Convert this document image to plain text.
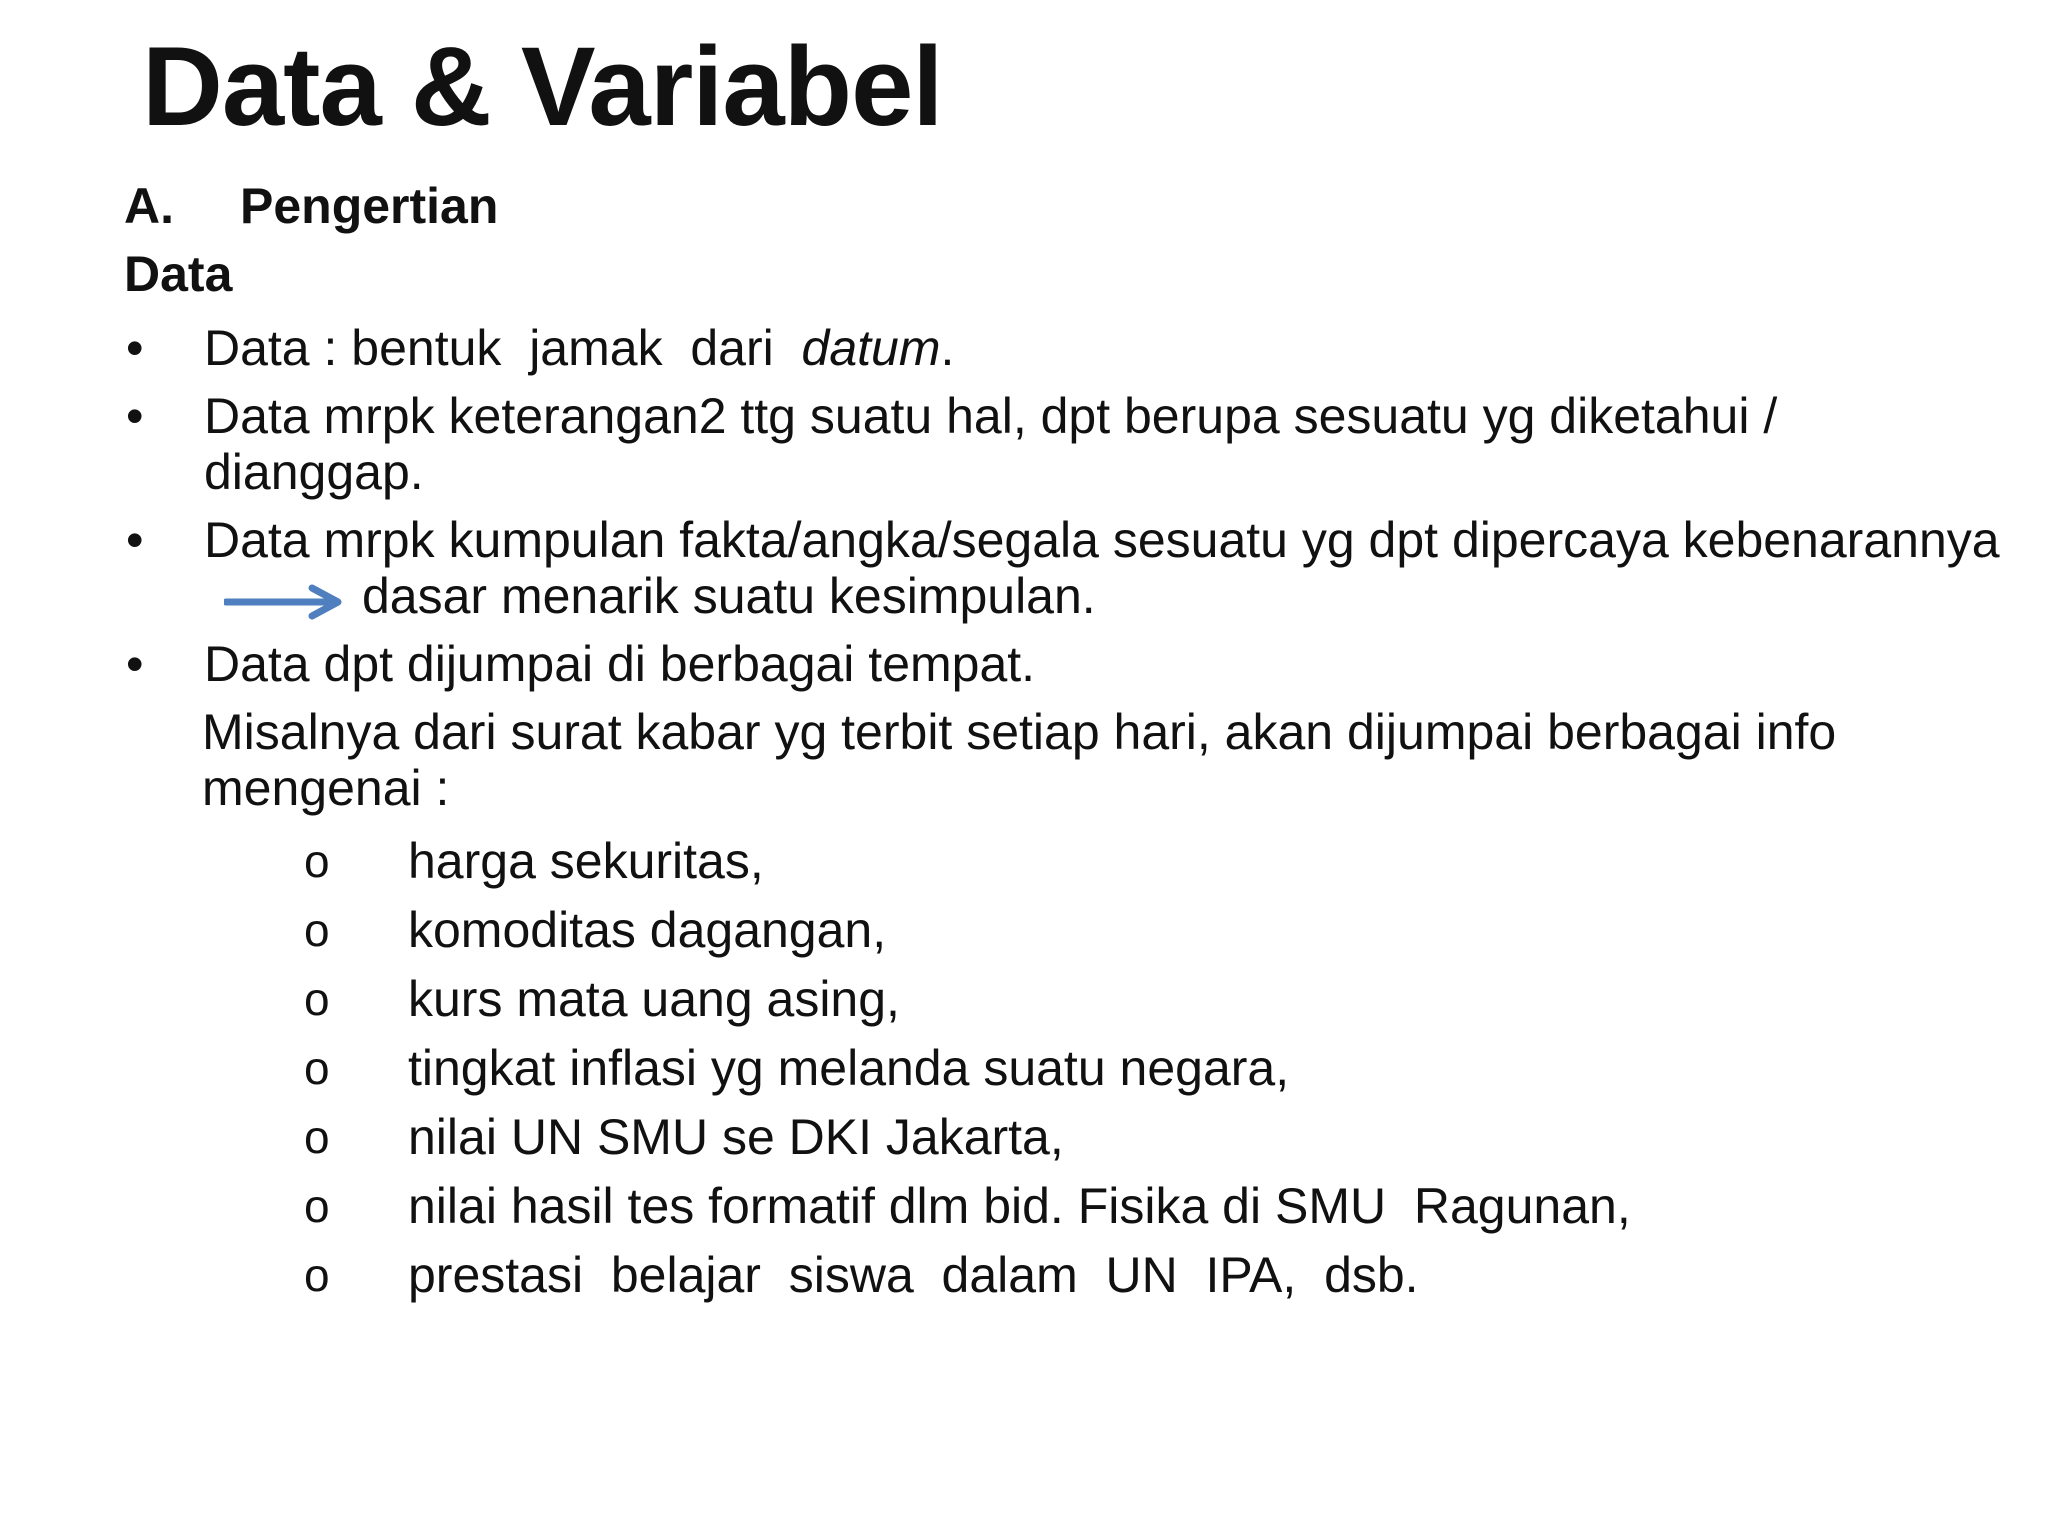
Data & Variabel
A.	Pengertian
Data
•	Data : bentuk  jamak  dari  datum.
•	Data mrpk keterangan2 ttg suatu hal, dpt berupa sesuatu yg diketahui / dianggap.
•	Data mrpk kumpulan fakta/angka/segala sesuatu yg dpt dipercaya kebenarannyadasar menarik suatu kesimpulan.
•	Data dpt dijumpai di berbagai tempat.
Misalnya dari surat kabar yg terbit setiap hari, akan dijumpai berbagai info mengenai :
o	harga sekuritas,
o	komoditas dagangan,
o	kurs mata uang asing,
o	tingkat inflasi yg melanda suatu negara,
o	nilai UN SMU se DKI Jakarta,
o	nilai hasil tes formatif dlm bid. Fisika di SMU  Ragunan,
o	prestasi  belajar  siswa  dalam  UN  IPA,  dsb.
